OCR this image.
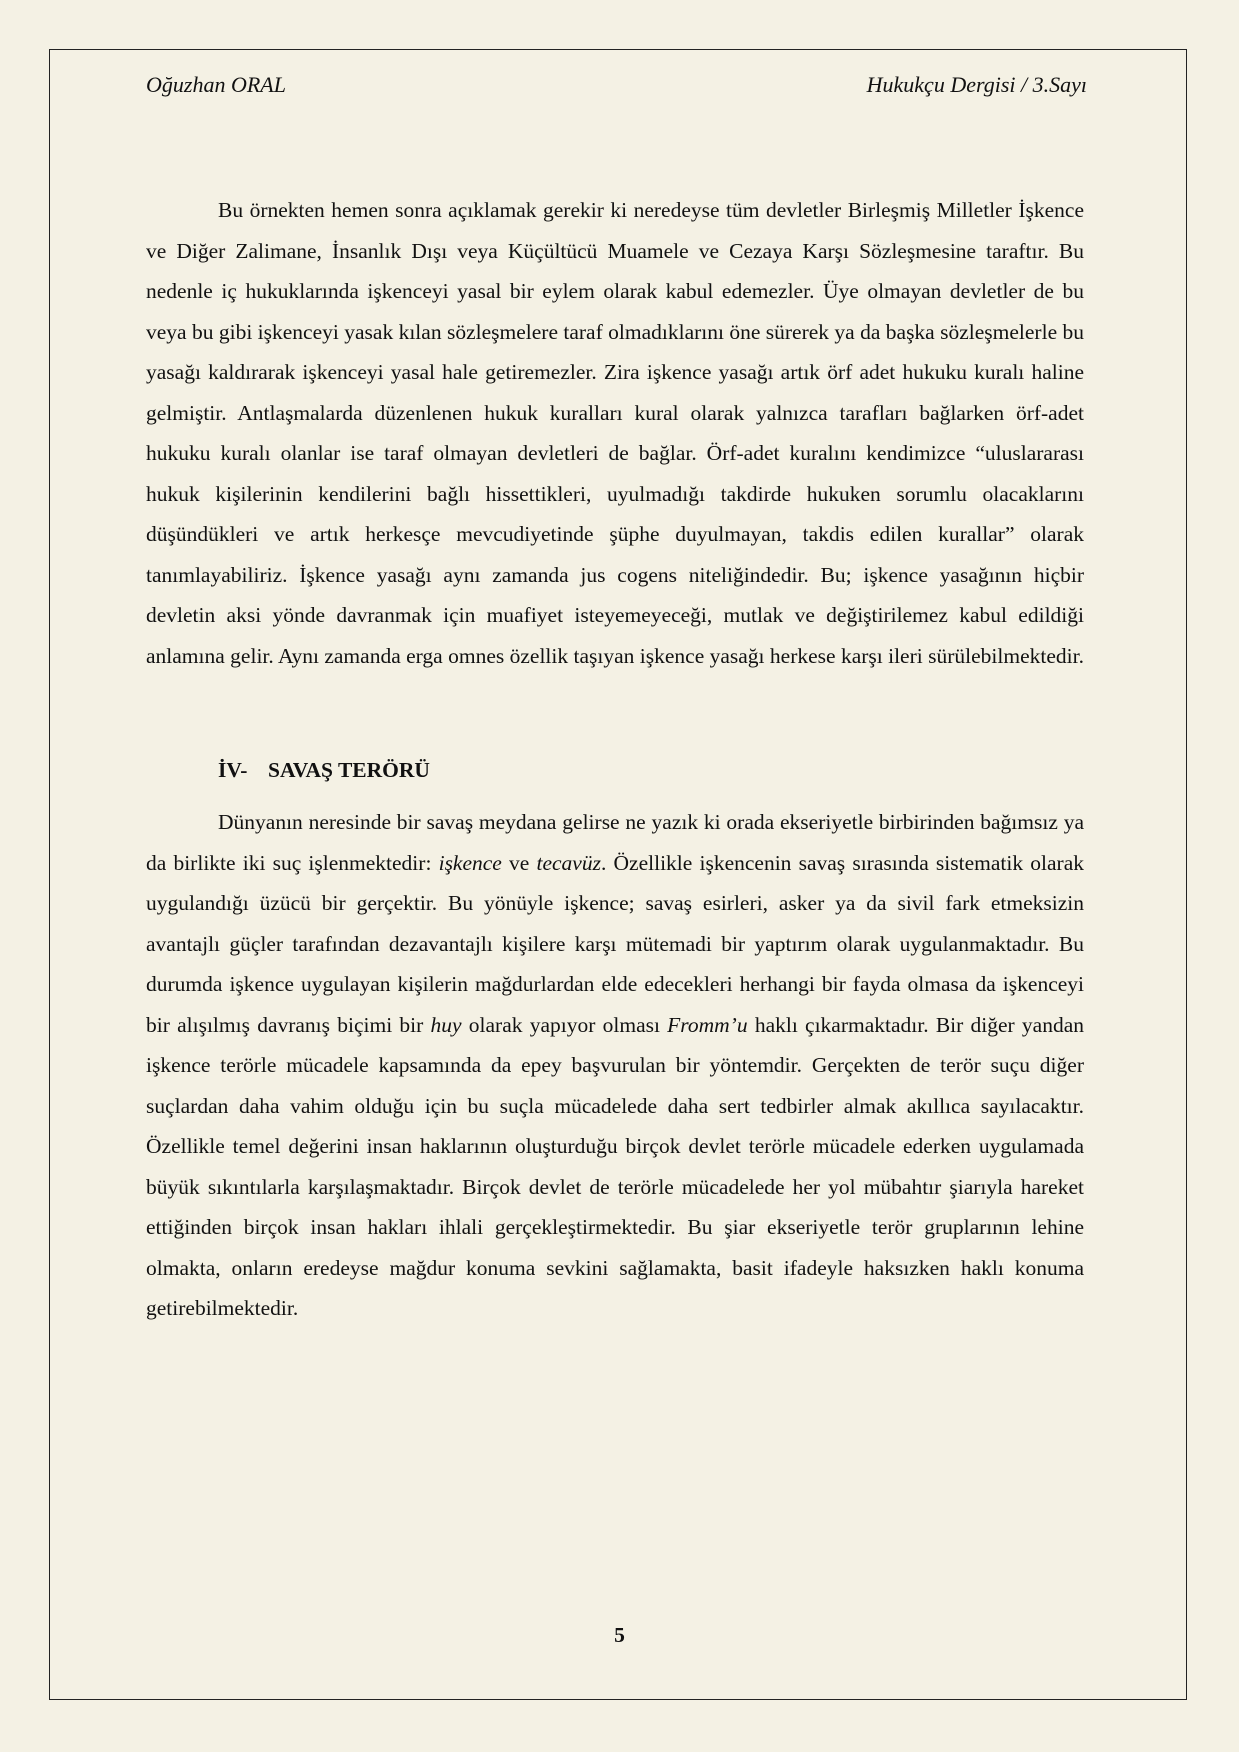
Oğuzhan ORAL	Hukukçu Dergisi / 3.Sayı

Bu örnekten hemen sonra açıklamak gerekir ki neredeyse tüm devletler Birleşmiş Milletler İşkence ve Diğer Zalimane, İnsanlık Dışı veya Küçültücü Muamele ve Cezaya Karşı Sözleşmesine taraftır. Bu nedenle iç hukuklarında işkenceyi yasal bir eylem olarak kabul edemezler. Üye olmayan devletler de bu veya bu gibi işkenceyi yasak kılan sözleşmelere taraf olmadıklarını öne sürerek ya da başka sözleşmelerle bu yasağı kaldırarak işkenceyi yasal hale getiremezler. Zira işkence yasağı artık örf adet hukuku kuralı haline gelmiştir. Antlaşmalarda düzenlenen hukuk kuralları kural olarak yalnızca tarafları bağlarken örf-adet hukuku kuralı olanlar ise taraf olmayan devletleri de bağlar. Örf-adet kuralını kendimizce “uluslararası hukuk kişilerinin kendilerini bağlı hissettikleri, uyulmadığı takdirde hukuken sorumlu olacaklarını düşündükleri ve artık herkesçe mevcudiyetinde şüphe duyulmayan, takdis edilen kurallar” olarak tanımlayabiliriz. İşkence yasağı aynı zamanda jus cogens niteliğindedir. Bu; işkence yasağının hiçbir devletin aksi yönde davranmak için muafiyet isteyemeyeceği, mutlak ve değiştirilemez kabul edildiği anlamına gelir. Aynı zamanda erga omnes özellik taşıyan işkence yasağı herkese karşı ileri sürülebilmektedir.

İV- SAVAŞ TERÖRÜ

Dünyanın neresinde bir savaş meydana gelirse ne yazık ki orada ekseriyetle birbirinden bağımsız ya da birlikte iki suç işlenmektedir: işkence ve tecavüz. Özellikle işkencenin savaş sırasında sistematik olarak uygulandığı üzücü bir gerçektir. Bu yönüyle işkence; savaş esirleri, asker ya da sivil fark etmeksizin avantajlı güçler tarafından dezavantajlı kişilere karşı mütemadi bir yaptırım olarak uygulanmaktadır. Bu durumda işkence uygulayan kişilerin mağdurlardan elde edecekleri herhangi bir fayda olmasa da işkenceyi bir alışılmış davranış biçimi bir huy olarak yapıyor olması Fromm’u haklı çıkarmaktadır. Bir diğer yandan işkence terörle mücadele kapsamında da epey başvurulan bir yöntemdir. Gerçekten de terör suçu diğer suçlardan daha vahim olduğu için bu suçla mücadelede daha sert tedbirler almak akıllıca sayılacaktır. Özellikle temel değerini insan haklarının oluşturduğu birçok devlet terörle mücadele ederken uygulamada büyük sıkıntılarla karşılaşmaktadır. Birçok devlet de terörle mücadelede her yol mübahtır şiarıyla hareket ettiğinden birçok insan hakları ihlali gerçekleştirmektedir. Bu şiar ekseriyetle terör gruplarının lehine olmakta, onların eredeyse mağdur konuma sevkini sağlamakta, basit ifadeyle haksızken haklı konuma getirebilmektedir.

5
